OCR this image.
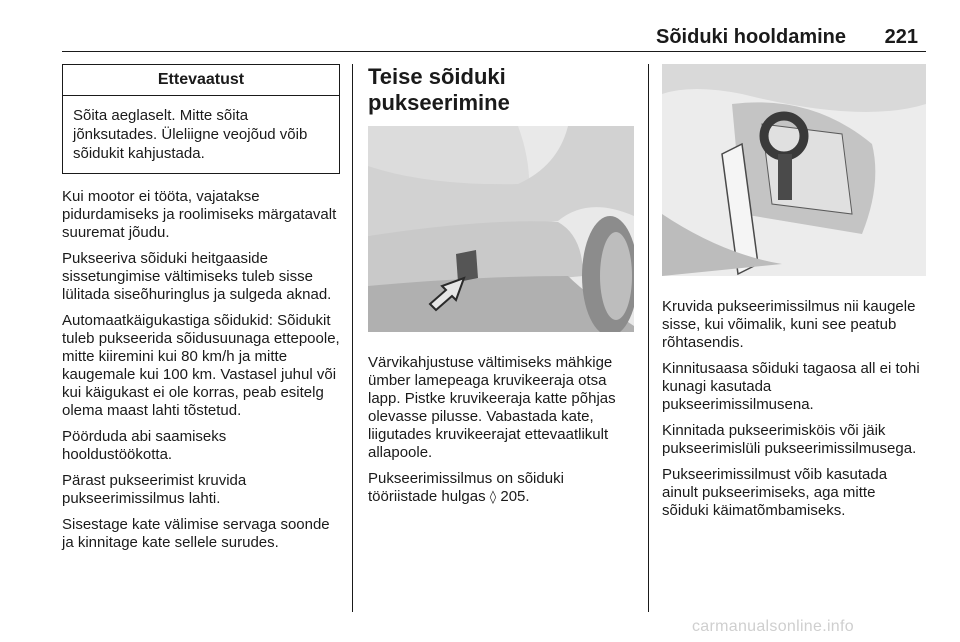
Sõiduki hooldamine 221
Ettevaatust
Sõita aeglaselt. Mitte sõita jõnksutades. Üleliigne veojõud võib sõidukit kahjustada.

Kui mootor ei tööta, vajatakse pidurdamiseks ja roolimiseks märgatavalt suuremat jõudu.

Pukseeriva sõiduki heitgaaside sissetungimise vältimiseks tuleb sisse lülitada siseõhuringlus ja sulgeda aknad.

Automaatkäigukastiga sõidukid: Sõidukit tuleb pukseerida sõidusuunaga ettepoole, mitte kiiremini kui 80 km/h ja mitte kaugemale kui 100 km. Vastasel juhul või kui käigukast ei ole korras, peab esitelg olema maast lahti tõstetud.

Pöörduda abi saamiseks hooldustöökotta.

Pärast pukseerimist kruvida pukseerimissilmus lahti.

Sisestage kate välimise servaga soonde ja kinnitage kate sellele surudes.

Teise sõiduki pukseerimine

Värvikahjustuse vältimiseks mähkige ümber lamepeaga kruvikeeraja otsa lapp. Pistke kruvikeeraja katte põhjas olevasse pilusse. Vabastada kate, liigutades kruvikeerajat ettevaatlikult allapoole.

Pukseerimissilmus on sõiduki tööriistade hulgas ◊ 205.

Kruvida pukseerimissilmus nii kaugele sisse, kui võimalik, kuni see peatub rõhtasendis.

Kinnitusaasa sõiduki tagaosa all ei tohi kunagi kasutada pukseerimissilmusena.

Kinnitada pukseerimisköis või jäik pukseerimislüli pukseerimissilmusega.

Pukseerimissilmust võib kasutada ainult pukseerimiseks, aga mitte sõiduki käimatõmbamiseks.

carmanualsonline.info
